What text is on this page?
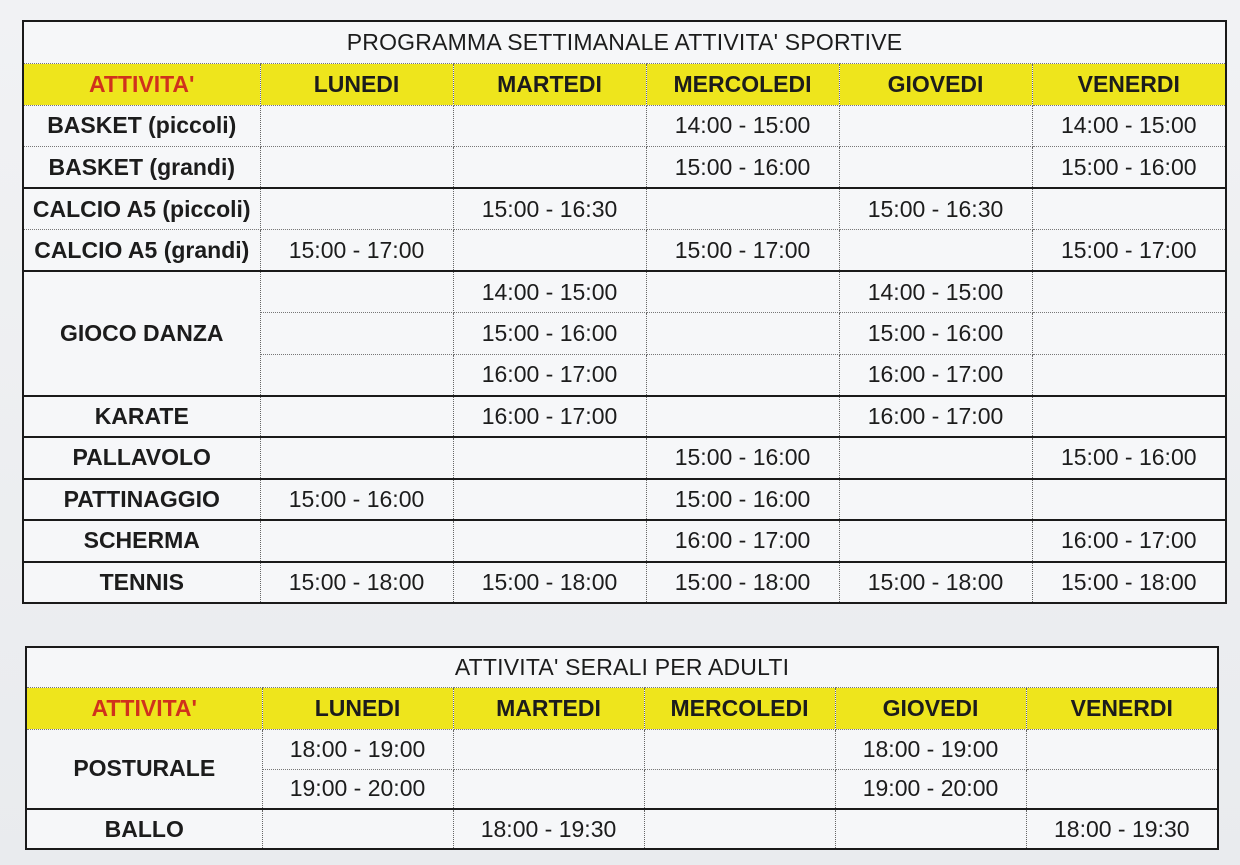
PROGRAMMA SETTIMANALE ATTIVITA' SPORTIVE					
ATTIVITA'	LUNEDI	MARTEDI	MERCOLEDI	GIOVEDI	VENERDI
BASKET (piccoli)			14:00 - 15:00		14:00 - 15:00
BASKET (grandi)			15:00 - 16:00		15:00 - 16:00
CALCIO A5 (piccoli)		15:00 - 16:30		15:00 - 16:30	
CALCIO A5 (grandi)	15:00 - 17:00		15:00 - 17:00		15:00 - 17:00
GIOCO DANZA		14:00 - 15:00		14:00 - 15:00	
		15:00 - 16:00		15:00 - 16:00	
		16:00 - 17:00		16:00 - 17:00	
KARATE		16:00 - 17:00		16:00 - 17:00	
PALLAVOLO			15:00 - 16:00		15:00 - 16:00
PATTINAGGIO	15:00 - 16:00		15:00 - 16:00		
SCHERMA			16:00 - 17:00		16:00 - 17:00
TENNIS	15:00 - 18:00	15:00 - 18:00	15:00 - 18:00	15:00 - 18:00	15:00 - 18:00
ATTIVITA' SERALI PER ADULTI					
ATTIVITA'	LUNEDI	MARTEDI	MERCOLEDI	GIOVEDI	VENERDI
POSTURALE	18:00 - 19:00			18:00 - 19:00	
	19:00 - 20:00			19:00 - 20:00	
BALLO		18:00 - 19:30			18:00 - 19:30
